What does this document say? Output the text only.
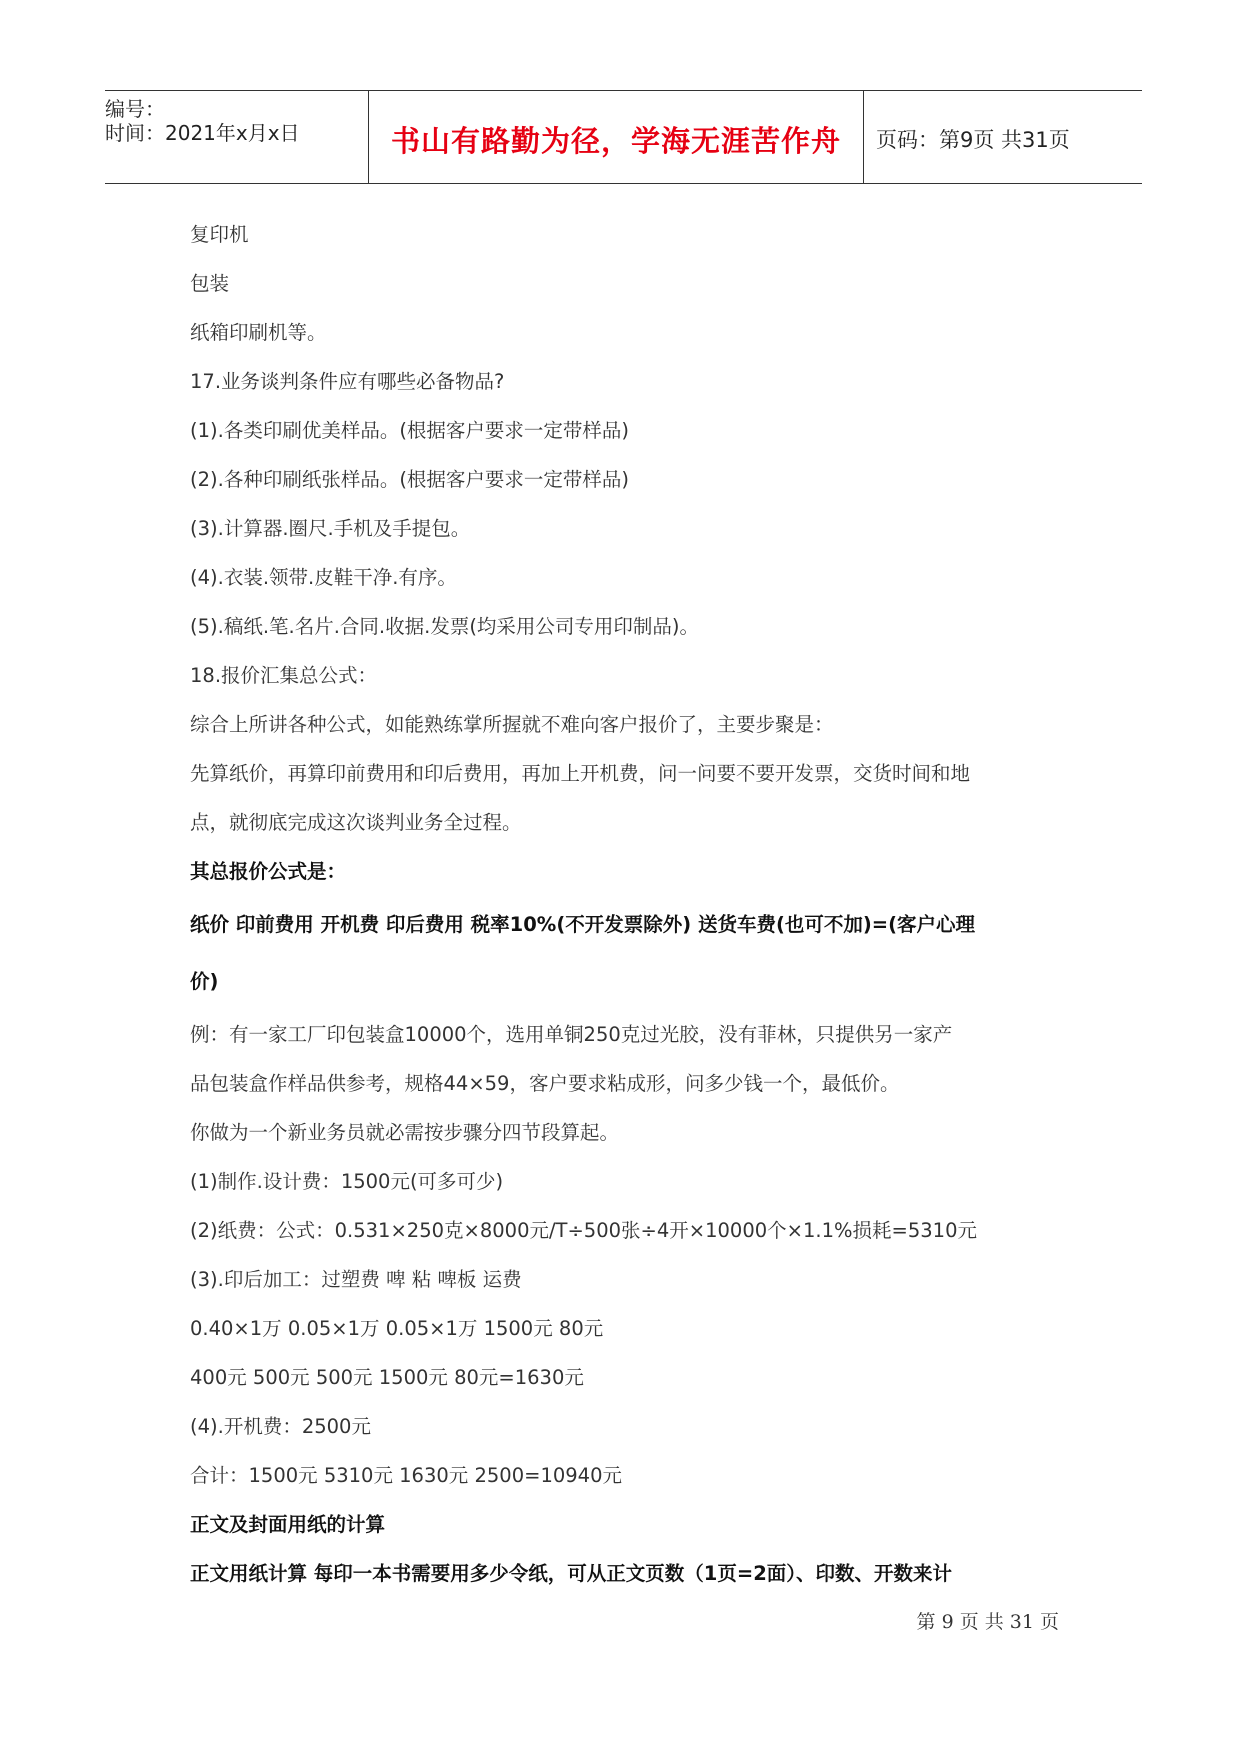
编号：
时间：2021年x月x日	书山有路勤为径，学海无涯苦作舟	页码：第9页 共31页
复印机
包装
纸箱印刷机等。
17.业务谈判条件应有哪些必备物品?
(1).各类印刷优美样品。(根据客户要求一定带样品)
(2).各种印刷纸张样品。(根据客户要求一定带样品)
(3).计算器.圈尺.手机及手提包。
(4).衣装.领带.皮鞋干净.有序。
(5).稿纸.笔.名片.合同.收据.发票(均采用公司专用印制品)。
18.报价汇集总公式：
综合上所讲各种公式，如能熟练掌所握就不难向客户报价了，主要步聚是：
先算纸价，再算印前费用和印后费用，再加上开机费，问一问要不要开发票，交货时间和地
点，就彻底完成这次谈判业务全过程。
其总报价公式是：
纸价 印前费用 开机费 印后费用 税率10%(不开发票除外) 送货车费(也可不加)=(客户心理
价)
例：有一家工厂印包装盒10000个，选用单铜250克过光胶，没有菲林，只提供另一家产
品包装盒作样品供参考，规格44×59，客户要求粘成形，问多少钱一个，最低价。
你做为一个新业务员就必需按步骤分四节段算起。
(1)制作.设计费：1500元(可多可少)
(2)纸费：公式：0.531×250克×8000元/T÷500张÷4开×10000个×1.1%损耗=5310元
(3).印后加工：过塑费 啤 粘 啤板 运费
0.40×1万 0.05×1万 0.05×1万 1500元 80元
400元 500元 500元 1500元 80元=1630元
(4).开机费：2500元
合计：1500元 5310元 1630元 2500=10940元
正文及封面用纸的计算
正文用纸计算 每印一本书需要用多少令纸，可从正文页数（1页=2面）、印数、开数来计
第 9 页 共 31 页
